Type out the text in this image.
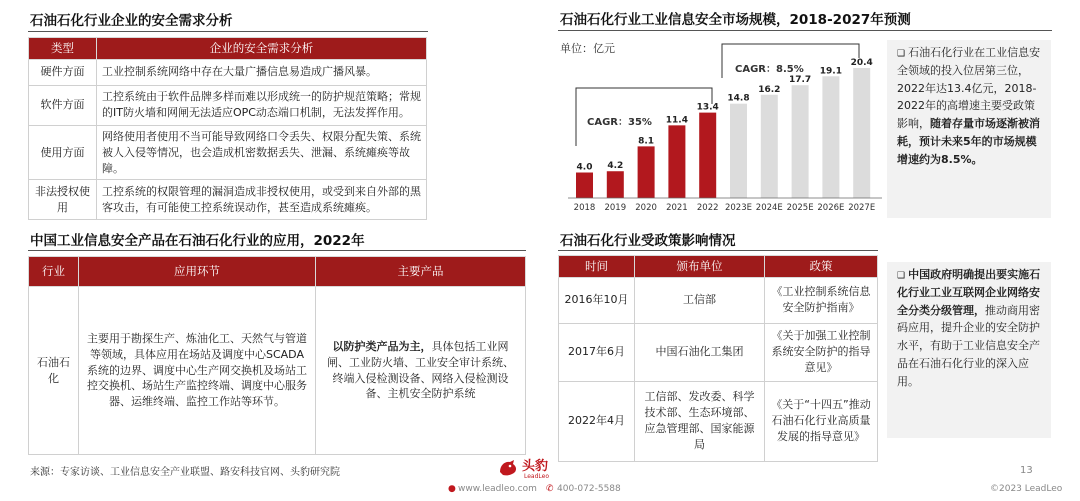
石油石化行业企业的安全需求分析
类型	企业的安全需求分析
硬件方面	工业控制系统网络中存在大量广播信息易造成广播风暴。
软件方面	工控系统由于软件品牌多样而难以形成统一的防护规范策略；常规的IT防火墙和网闸无法适应OPC动态端口机制，无法发挥作用。
使用方面	网络使用者使用不当可能导致网络口令丢失、权限分配失策、系统被人入侵等情况，也会造成机密数据丢失、泄漏、系统瘫痪等故障。
非法授权使用	工控系统的权限管理的漏洞造成非授权使用，或受到来自外部的黑客攻击，有可能使工控系统误动作，甚至造成系统瘫痪。
中国工业信息安全产品在石油石化行业的应用，2022年
行业	应用环节	主要产品
石油石化	主要用于勘探生产、炼油化工、天然气与管道等领域，具体应用在场站及调度中心SCADA系统的边界、调度中心生产网交换机及场站工控交换机、场站生产监控终端、调度中心服务器、运维终端、监控工作站等环节。	以防护类产品为主，具体包括工业网闸、工业防火墙、工业安全审计系统、终端入侵检测设备、网络入侵检测设备、主机安全防护系统
石油石化行业工业信息安全市场规模，2018-2027年预测
单位：亿元
4.0
2018
4.2
2019
8.1
2020
11.4
2021
13.4
2022
14.8
2023E
16.2
2024E
17.7
2025E
19.1
2026E
20.4
2027E
CAGR：35%
CAGR：8.5%
❑ 石油石化行业在工业信息安全领域的投入位居第三位，2022年达13.4亿元，2018-2022年的高增速主要受政策影响，随着存量市场逐渐被消耗，预计未来5年的市场规模增速约为8.5%。
石油石化行业受政策影响情况
时间	颁布单位	政策
2016年10月	工信部	《工业控制系统信息安全防护指南》
2017年6月	中国石油化工集团	《关于加强工业控制系统安全防护的指导意见》
2022年4月	工信部、发改委、科学技术部、生态环境部、应急管理部、国家能源局	《关于“十四五”推动石油石化行业高质量发展的指导意见》
❑ 中国政府明确提出要实施石化行业工业互联网企业网络安全分类分级管理，推动商用密码应用，提升企业的安全防护水平，有助于工业信息安全产品在石油石化行业的深入应用。
来源：专家访谈、工业信息安全产业联盟、路安科技官网、头豹研究院	头豹
LeadLeo
● www.leadleo.com ✆ 400-072-5588
13
©2023 LeadLeo
